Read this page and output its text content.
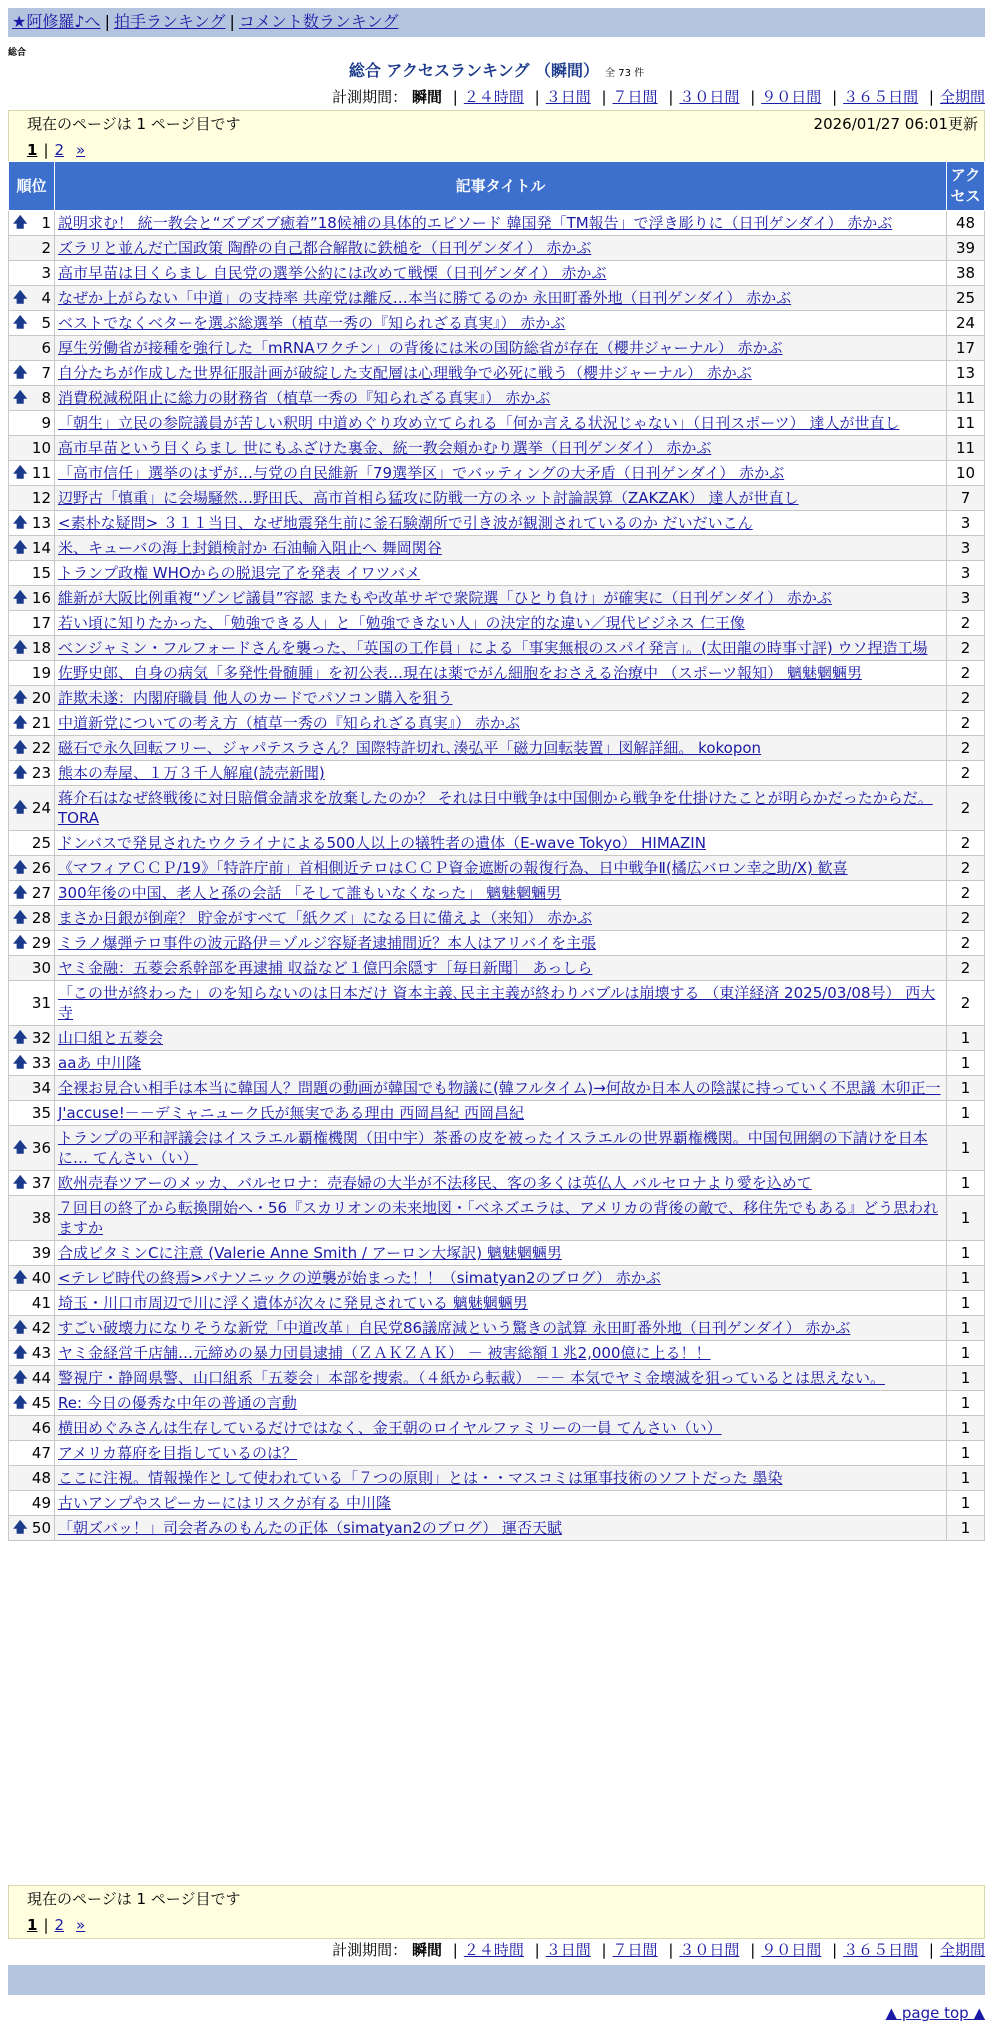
★阿修羅♪へ | 拍手ランキング | コメント数ランキング
総合
総合 アクセスランキング （瞬間） 全 73 件
計測期間： 瞬間 | ２４時間 | ３日間 | ７日間 | ３０日間 | ９０日間 | ３６５日間 | 全期間
現在のページは 1 ページ目です	2026/01/27 06:01更新
1 | 2 »
順位	記事タイトル	アクセス

🡅 1	説明求む！ 統一教会と“ズブズブ癒着”18候補の具体的エピソード 韓国発「TM報告」で浮き彫りに（日刊ゲンダイ） 赤かぶ	48
2	ズラリと並んだ亡国政策 陶酔の自己都合解散に鉄槌を（日刊ゲンダイ） 赤かぶ	39
3	高市早苗は目くらまし 自民党の選挙公約には改めて戦慄（日刊ゲンダイ） 赤かぶ	38

🡅 4	なぜか上がらない「中道」の支持率 共産党は離反…本当に勝てるのか 永田町番外地（日刊ゲンダイ） 赤かぶ	25

🡅 5	ベストでなくベターを選ぶ総選挙（植草一秀の『知られざる真実』） 赤かぶ	24
6	厚生労働省が接種を強行した「mRNAワクチン」の背後には米の国防総省が存在（櫻井ジャーナル） 赤かぶ	17

🡅 7	自分たちが作成した世界征服計画が破綻した支配層は心理戦争で必死に戦う（櫻井ジャーナル） 赤かぶ	13

🡅 8	消費税減税阻止に総力の財務省（植草一秀の『知られざる真実』） 赤かぶ	11
9	「朝生」立民の参院議員が苦しい釈明 中道めぐり攻め立てられる「何か言える状況じゃない」（日刊スポーツ） 達人が世直し	11
10	高市早苗という目くらまし 世にもふざけた裏金、統一教会頬かむり選挙（日刊ゲンダイ） 赤かぶ	11

🡅 11	「高市信任」選挙のはずが…与党の自民維新「79選挙区」でバッティングの大矛盾（日刊ゲンダイ） 赤かぶ	10
12	辺野古「慎重」に会場騒然…野田氏、高市首相ら猛攻に防戦一方のネット討論誤算（ZAKZAK） 達人が世直し	7

🡅 13	<素朴な疑問> ３１１当日、なぜ地震発生前に釜石験潮所で引き波が観測されているのか だいだいこん	3

🡅 14	米、キューバの海上封鎖検討か 石油輸入阻止へ 舞岡関谷	3
15	トランプ政権 WHOからの脱退完了を発表 イワツバメ	3

🡅 16	維新が大阪比例重複“ゾンビ議員”容認 またもや改革サギで衆院選「ひとり負け」が確実に（日刊ゲンダイ） 赤かぶ	3
17	若い頃に知りたかった、「勉強できる人」と「勉強できない人」の決定的な違い／現代ビジネス 仁王像	2

🡅 18	ベンジャミン・フルフォードさんを襲った、「英国の工作員」による「事実無根のスパイ発言」。(太田龍の時事寸評) ウソ捏造工場	2
19	佐野史郎、自身の病気「多発性骨髄腫」を初公表…現在は薬でがん細胞をおさえる治療中 （スポーツ報知） 魑魅魍魎男	2

🡅 20	詐欺未遂：内閣府職員 他人のカードでパソコン購入を狙う	2

🡅 21	中道新党についての考え方（植草一秀の『知られざる真実』） 赤かぶ	2

🡅 22	磁石で永久回転フリー、ジャパテスラさん？国際特許切れ､湊弘平「磁力回転装置」図解詳細。 kokopon	2

🡅 23	熊本の寿屋、１万３千人解雇(読売新聞)	2

🡅 24	蒋介石はなぜ終戦後に対日賠償金請求を放棄したのか？ それは日中戦争は中国側から戦争を仕掛けたことが明らかだったからだ。 TORA	2
25	ドンバスで発見されたウクライナによる500人以上の犠牲者の遺体（E-wave Tokyo） HIMAZIN	2

🡅 26	《マフィアＣＣＰ/19》「特許庁前」首相側近テロはＣＣＰ資金遮断の報復行為、日中戦争Ⅱ(橘広バロン幸之助/X) 歓喜	2

🡅 27	300年後の中国、老人と孫の会話 「そして誰もいなくなった」 魑魅魍魎男	2

🡅 28	まさか日銀が倒産？ 貯金がすべて「紙クズ」になる日に備えよ（来知） 赤かぶ	2

🡅 29	ミラノ爆弾テロ事件の波元路伊＝ゾルジ容疑者逮捕間近？本人はアリバイを主張	2
30	ヤミ金融：五菱会系幹部を再逮捕 収益など１億円余隠す［毎日新聞］ あっしら	2
31	「この世が終わった」のを知らないのは日本だけ 資本主義､民主主義が終わりバブルは崩壊する （東洋経済 2025/03/08号） 西大寺	2

🡅 32	山口組と五菱会	1

🡅 33	aaあ 中川隆	1
34	全裸お見合い相手は本当に韓国人？問題の動画が韓国でも物議に(韓フルタイム)→何故か日本人の陰謀に持っていく不思議 木卯正一	1
35	J'accuse!－－デミャニューク氏が無実である理由 西岡昌紀 西岡昌紀	1

🡅 36	トランプの平和評議会はイスラエル覇権機関（田中宇）茶番の皮を被ったイスラエルの世界覇権機関。中国包囲網の下請けを日本に… てんさい（い）	1

🡅 37	欧州売春ツアーのメッカ、バルセロナ：売春婦の大半が不法移民、客の多くは英仏人 バルセロナより愛を込めて	1
38	７回目の終了から転換開始へ・56『スカリオンの未来地図・「ベネズエラは、アメリカの背後の敵で、移住先でもある』どう思われますか	1
39	合成ビタミンCに注意 (Valerie Anne Smith / アーロン大塚訳) 魑魅魍魎男	1

🡅 40	<テレビ時代の終焉>パナソニックの逆襲が始まった！！（simatyan2のブログ） 赤かぶ	1
41	埼玉・川口市周辺で川に浮く遺体が次々に発見されている 魑魅魍魎男	1

🡅 42	すごい破壊力になりそうな新党「中道改革」自民党86議席減という驚きの試算 永田町番外地（日刊ゲンダイ） 赤かぶ	1

🡅 43	ヤミ金経営千店舗…元締めの暴力団員逮捕（ＺＡＫＺＡＫ） － 被害総額１兆2,000億に上る！！	1

🡅 44	警視庁・静岡県警、山口組系「五菱会」本部を捜索。（４紙から転載） －－ 本気でヤミ金壊滅を狙っているとは思えない。	1

🡅 45	Re: 今日の優秀な中年の普通の言動	1
46	横田めぐみさんは生存しているだけではなく、金王朝のロイヤルファミリーの一員 てんさい（い）	1
47	アメリカ幕府を目指しているのは？	1
48	ここに注視。情報操作として使われている「７つの原則」とは・・マスコミは軍事技術のソフトだった 墨染	1
49	古いアンプやスピーカーにはリスクが有る 中川隆	1

🡅 50	「朝ズバッ！」司会者みのもんたの正体（simatyan2のブログ） 運否天賦	1
現在のページは 1 ページ目です
1 | 2 »
計測期間： 瞬間 | ２４時間 | ３日間 | ７日間 | ３０日間 | ９０日間 | ３６５日間 | 全期間
▲ page top ▲
